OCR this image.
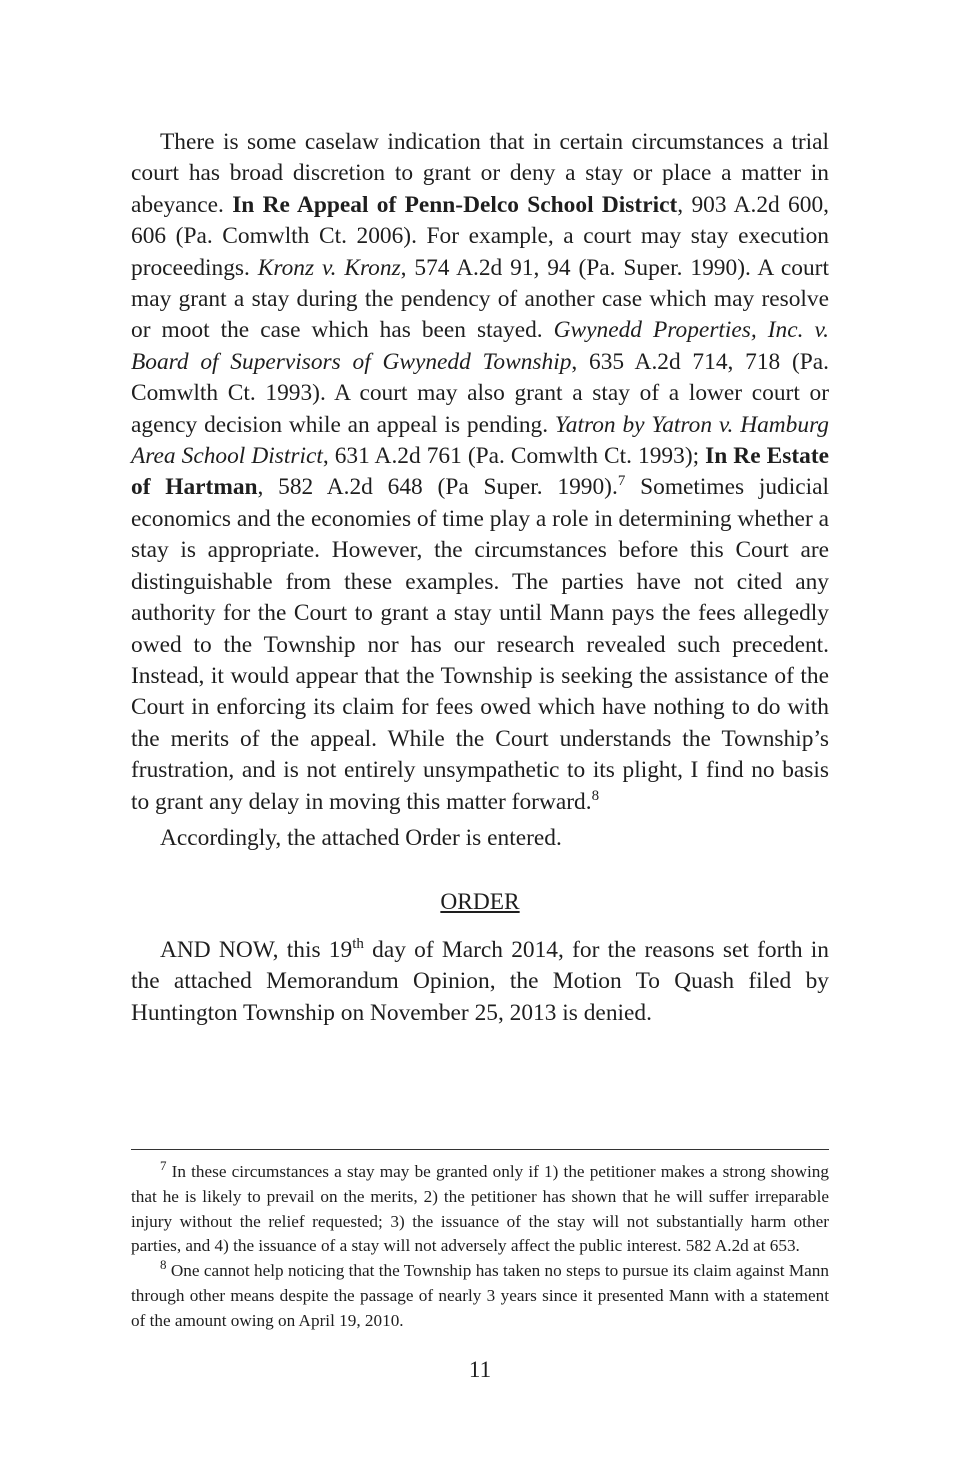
There is some caselaw indication that in certain circumstances a trial court has broad discretion to grant or deny a stay or place a matter in abeyance. In Re Appeal of Penn-Delco School District, 903 A.2d 600, 606 (Pa. Comwlth Ct. 2006). For example, a court may stay execution proceedings. Kronz v. Kronz, 574 A.2d 91, 94 (Pa. Super. 1990). A court may grant a stay during the pendency of another case which may resolve or moot the case which has been stayed. Gwynedd Properties, Inc. v. Board of Supervisors of Gwynedd Township, 635 A.2d 714, 718 (Pa. Comwlth Ct. 1993). A court may also grant a stay of a lower court or agency decision while an appeal is pending. Yatron by Yatron v. Hamburg Area School District, 631 A.2d 761 (Pa. Comwlth Ct. 1993); In Re Estate of Hartman, 582 A.2d 648 (Pa Super. 1990).$^7$ Sometimes judicial economics and the economies of time play a role in determining whether a stay is appropriate. However, the circumstances before this Court are distinguishable from these examples. The parties have not cited any authority for the Court to grant a stay until Mann pays the fees allegedly owed to the Township nor has our research revealed such precedent. Instead, it would appear that the Township is seeking the assistance of the Court in enforcing its claim for fees owed which have nothing to do with the merits of the appeal. While the Court understands the Township’s frustration, and is not entirely unsympathetic to its plight, I find no basis to grant any delay in moving this matter forward.$^8$

Accordingly, the attached Order is entered.

ORDER

AND NOW, this 19th day of March 2014, for the reasons set forth in the attached Memorandum Opinion, the Motion To Quash filed by Huntington Township on November 25, 2013 is denied.

$^7$ In these circumstances a stay may be granted only if 1) the petitioner makes a strong showing that he is likely to prevail on the merits, 2) the petitioner has shown that he will suffer irreparable injury without the relief requested; 3) the issuance of the stay will not substantially harm other parties, and 4) the issuance of a stay will not adversely affect the public interest. 582 A.2d at 653.

$^8$ One cannot help noticing that the Township has taken no steps to pursue its claim against Mann through other means despite the passage of nearly 3 years since it presented Mann with a statement of the amount owing on April 19, 2010.

11
